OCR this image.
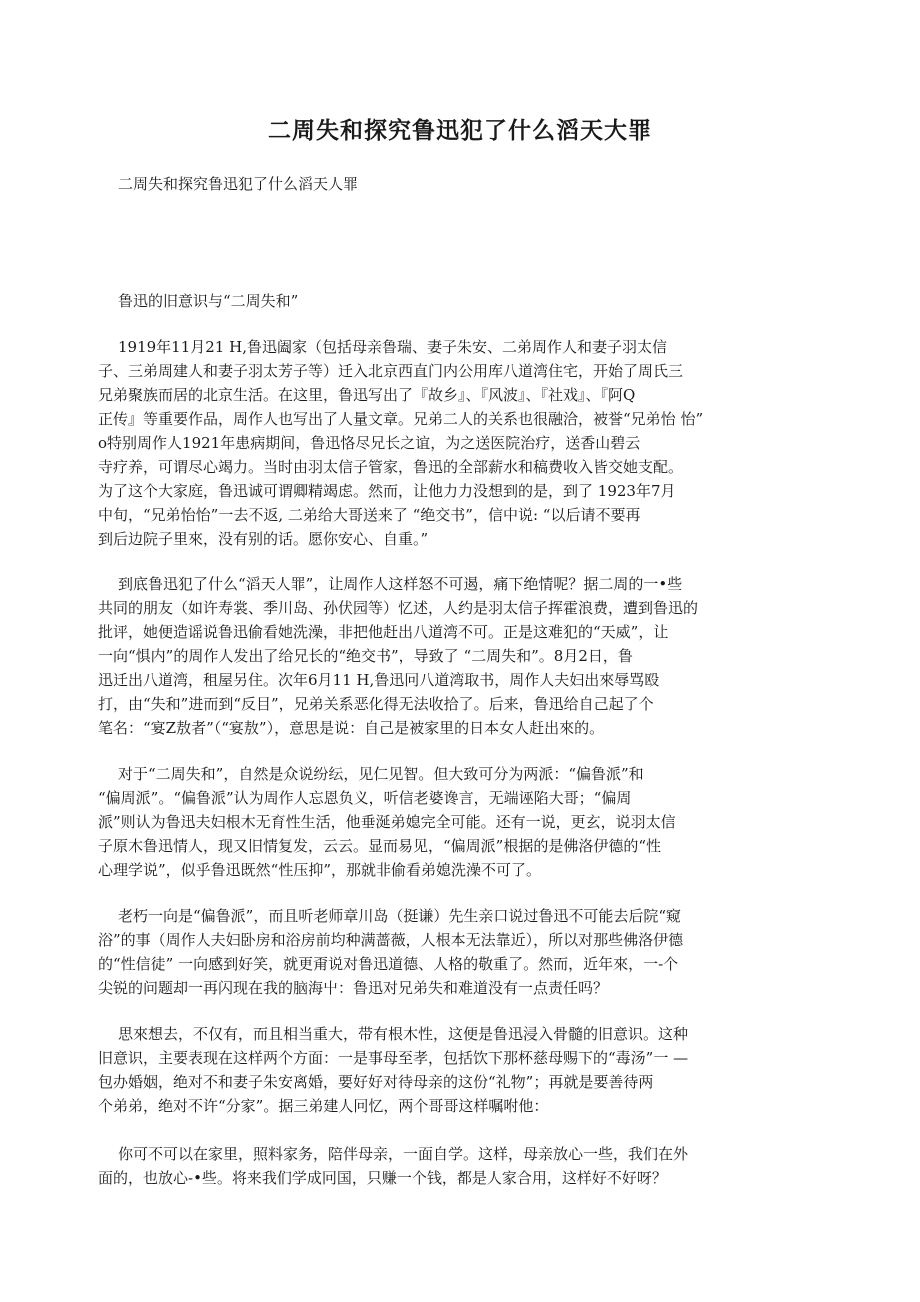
二周失和探究鲁迅犯了什么滔天大罪

二周失和探究鲁迅犯了什么滔天人罪

鲁迅的旧意识与“二周失和”

1919年11月21 H,鲁迅阖家（包括母亲鲁瑞、妻子朱安、二弟周作人和妻子羽太信
子、三弟周建人和妻子羽太芳子等）迁入北京西直门内公用库八道湾住宅，开始了周氏三
兄弟聚族而居的北京生活。在这里，鲁迅写出了『故乡』、『风波』、『社戏』、『阿Q
正传』等重要作品，周作人也写出了人量文章。兄弟二人的关系也很融洽，被誉“兄弟怡 怡”
o特别周作人1921年患病期间，鲁迅恪尽兄长之谊，为之送医院治疗，送香山碧云
寺疗养，可谓尽心竭力。当时由羽太信子管家，鲁迅的全部薪水和稿费收入皆交她支配。
为了这个大家庭，鲁迅诚可谓卿精竭虑。然而，让他力力没想到的是，到了 1923年7月
中旬，“兄弟怡怡”一去不返, 二弟给大哥送来了 “绝交书”，信中说: “以后请不要再
到后边院子里來，没有别的话。愿你安心、自重。”
到底鲁迅犯了什么“滔天人罪”，让周作人这样怒不可遏，痛下绝情呢？据二周的一•些
共同的朋友（如许寿裳、季川岛、孙伏园等）忆述，人约是羽太信子挥霍浪费，遭到鲁迅的
批评，她便造谣说鲁迅偷看她洗澡，非把他赶出八道湾不可。正是这难犯的“天威”，让
一向“惧内”的周作人发出了给兄长的“绝交书”，导致了 “二周失和”。8月2日，鲁
迅迁出八道湾，租屋另住。次年6月11 H,鲁迅冋八道湾取书，周作人夫妇出來辱骂殴
打，由“失和”进而到“反目”，兄弟关系恶化得无法收拾了。后来，鲁迅给自己起了个
笔名：“宴Z敖者”（“宴敖”），意思是说：自己是被家里的日本女人赶出來的。
对于“二周失和”，自然是众说纷纭，见仁见智。但大致可分为两派：“偏鲁派”和
“偏周派”。“偏鲁派”认为周作人忘恩负义，听信老婆谗言，无端诬陷大哥；“偏周
派”则认为鲁迅夫妇根木无育性生活，他垂涎弟媳完全可能。还有一说，更玄，说羽太信
子原木鲁迅情人，现又旧情复发，云云。显而易见，“偏周派”根据的是佛洛伊德的“性
心理学说”，似乎鲁迅既然“性压抑”，那就非偷看弟媳洗澡不可了。
老朽一向是“偏鲁派”，而且听老师章川岛（挺谦）先生亲口说过鲁迅不可能去后院“窥
浴”的事（周作人夫妇卧房和浴房前均种满蔷薇，人根本无法靠近），所以对那些佛洛伊德
的“性信徒” 一向感到好笑，就更甭说对鲁迅道德、人格的敬重了。然而，近年來，一-个
尖锐的问题却一再闪现在我的脑海屮：鲁迅对兄弟失和难道没有一点责任吗？
思來想去，不仅有，而且相当重大，带有根木性，这便是鲁迅浸入骨髓的旧意识。这种
旧意识，主要表现在这样两个方面：一是事母至孝，包括饮下那杯慈母赐下的“毒汤”一 —
包办婚姻，绝对不和妻子朱安离婚，要好好对待母亲的这份“礼物”；再就是要善待两
个弟弟，绝对不许“分家”。据三弟建人冋忆，两个哥哥这样嘱咐他：
你可不可以在家里，照料家务，陪伴母亲，一面自学。这样，母亲放心一些，我们在外
面的，也放心-•些。将来我们学成冋国，只赚一个钱，都是人家合用，这样好不好呀？
